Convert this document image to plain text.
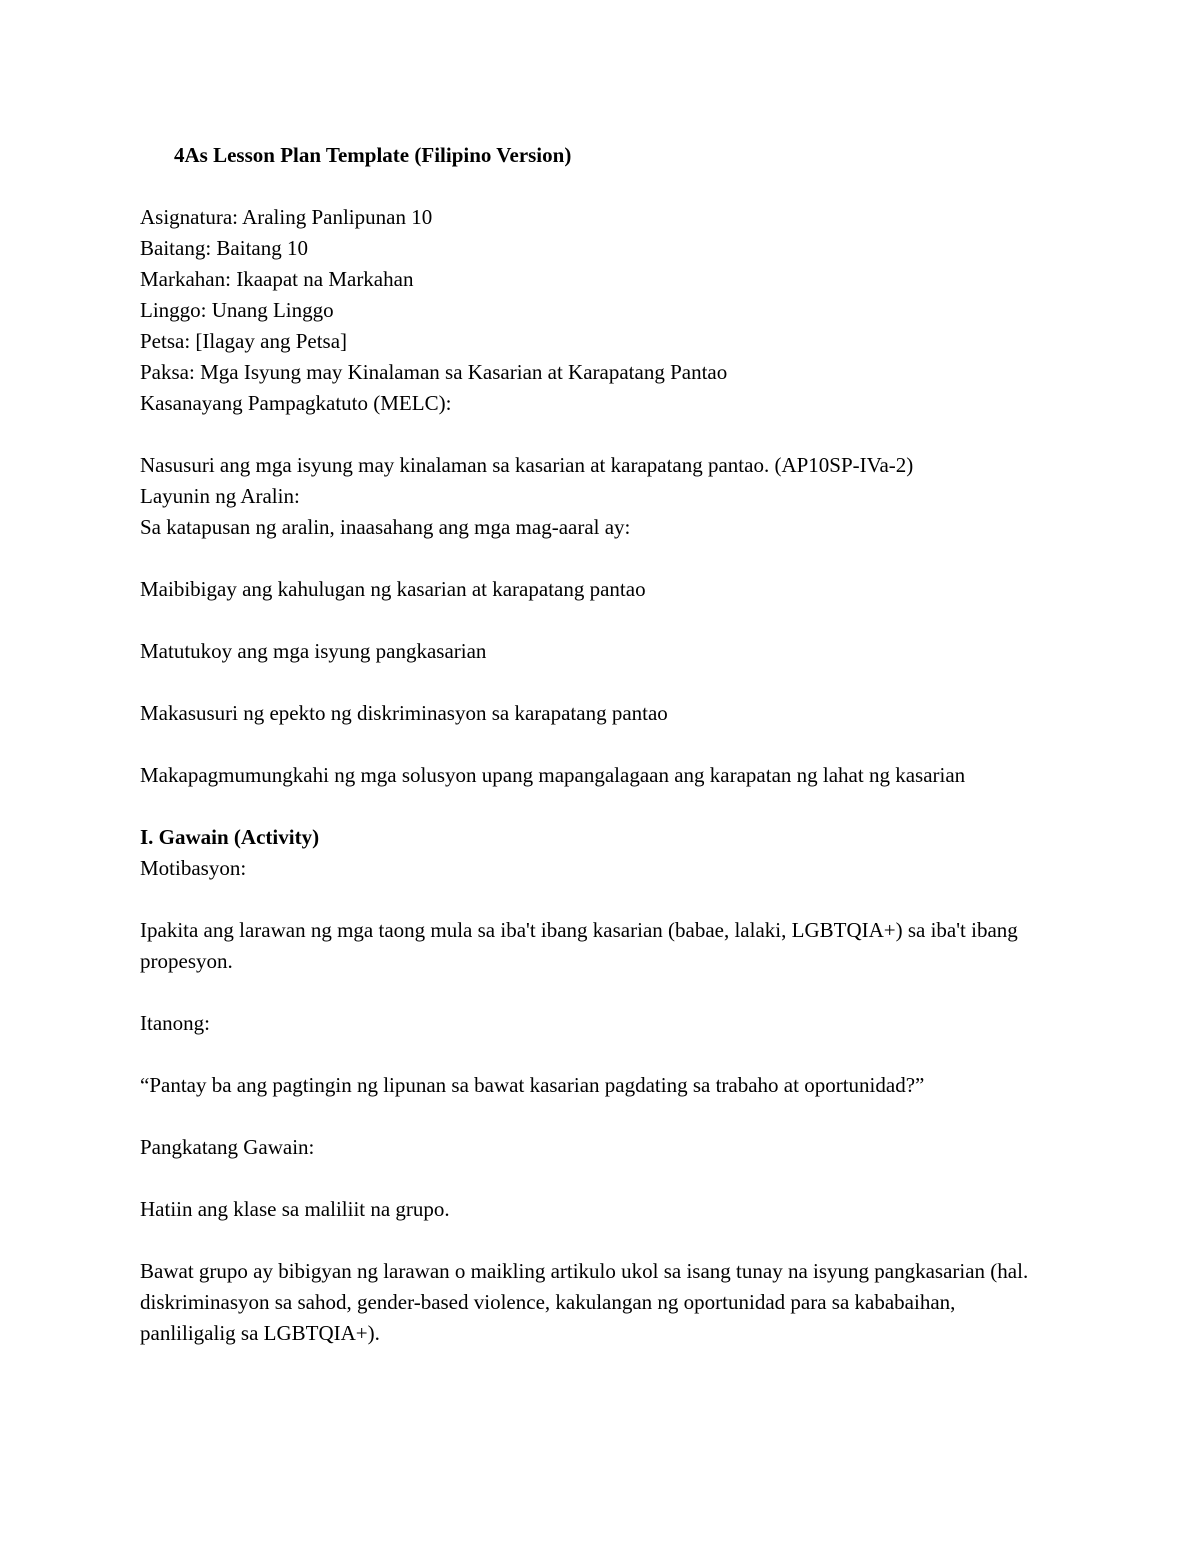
4As Lesson Plan Template (Filipino Version)

Asignatura: Araling Panlipunan 10

Baitang: Baitang 10

Markahan: Ikaapat na Markahan

Linggo: Unang Linggo

Petsa: [Ilagay ang Petsa]

Paksa: Mga Isyung may Kinalaman sa Kasarian at Karapatang Pantao

Kasanayang Pampagkatuto (MELC):

Nasusuri ang mga isyung may kinalaman sa kasarian at karapatang pantao. (AP10SP-IVa-2)

Layunin ng Aralin:

Sa katapusan ng aralin, inaasahang ang mga mag-aaral ay:

Maibibigay ang kahulugan ng kasarian at karapatang pantao

Matutukoy ang mga isyung pangkasarian

Makasusuri ng epekto ng diskriminasyon sa karapatang pantao

Makapagmumungkahi ng mga solusyon upang mapangalagaan ang karapatan ng lahat ng kasarian

I. Gawain (Activity)

Motibasyon:

Ipakita ang larawan ng mga taong mula sa iba't ibang kasarian (babae, lalaki, LGBTQIA+) sa iba't ibang propesyon.

Itanong:

“Pantay ba ang pagtingin ng lipunan sa bawat kasarian pagdating sa trabaho at oportunidad?”

Pangkatang Gawain:

Hatiin ang klase sa maliliit na grupo.

Bawat grupo ay bibigyan ng larawan o maikling artikulo ukol sa isang tunay na isyung pangkasarian (hal. diskriminasyon sa sahod, gender-based violence, kakulangan ng oportunidad para sa kababaihan, panliligalig sa LGBTQIA+).
